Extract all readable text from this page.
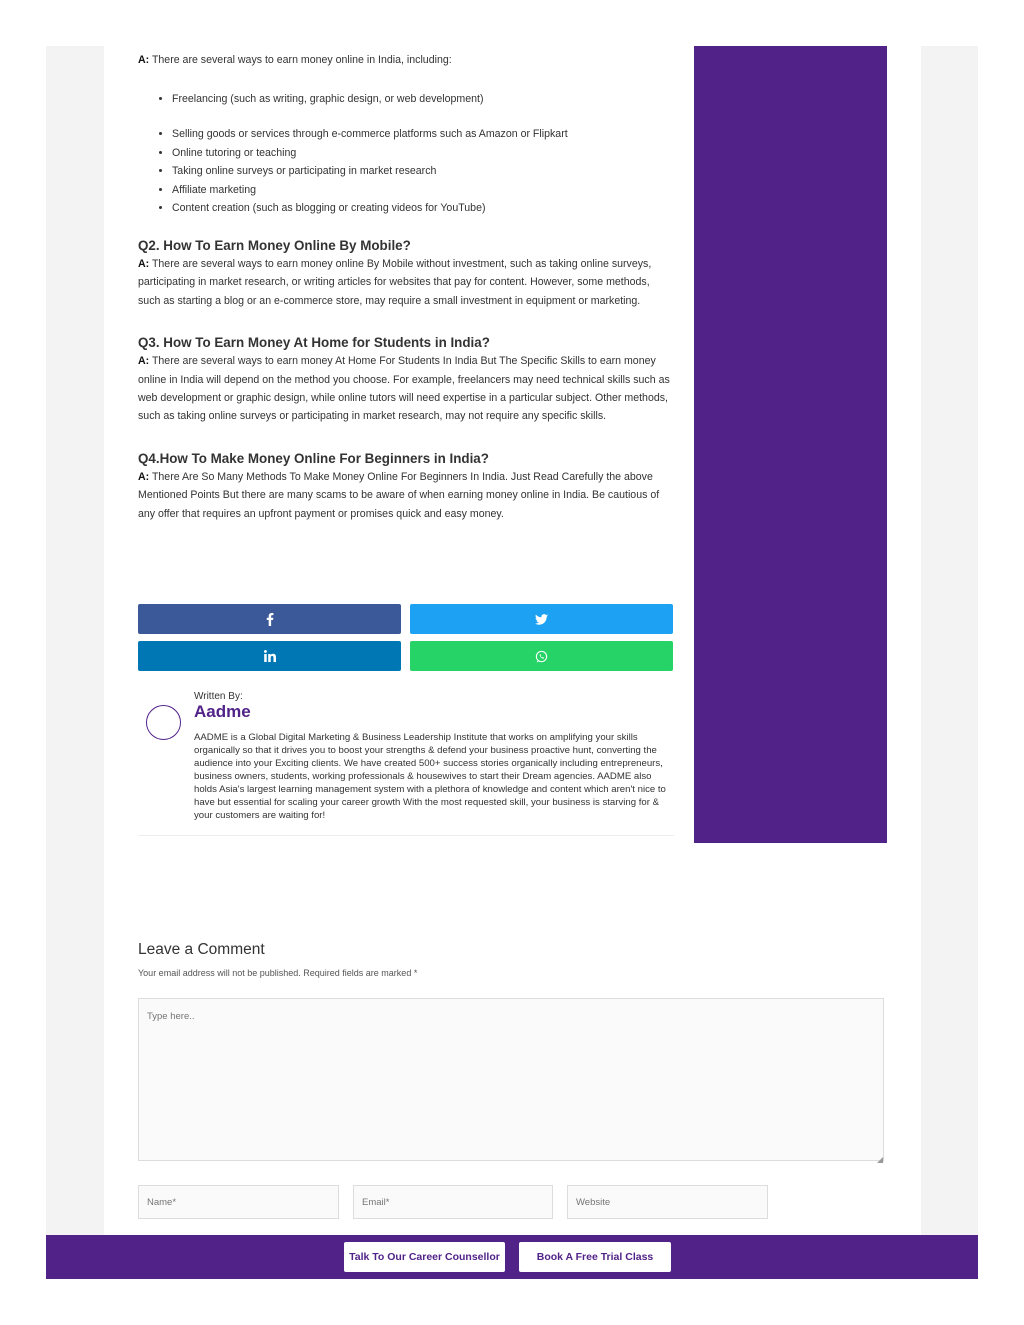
A: There are several ways to earn money online in India, including:

• Freelancing (such as writing, graphic design, or web development)
• Selling goods or services through e-commerce platforms such as Amazon or Flipkart
• Online tutoring or teaching
• Taking online surveys or participating in market research
• Affiliate marketing
• Content creation (such as blogging or creating videos for YouTube)
Q2. How To Earn Money Online By Mobile?

A: There are several ways to earn money online By Mobile without investment, such as taking online surveys, participating in market research, or writing articles for websites that pay for content. However, some methods, such as starting a blog or an e-commerce store, may require a small investment in equipment or marketing.

Q3. How To Earn Money At Home for Students in India?

A: There are several ways to earn money At Home For Students In India But The Specific Skills to earn money online in India will depend on the method you choose. For example, freelancers may need technical skills such as web development or graphic design, while online tutors will need expertise in a particular subject. Other methods, such as taking online surveys or participating in market research, may not require any specific skills.

Q4.How To Make Money Online For Beginners in India?

A: There Are So Many Methods To Make Money Online For Beginners In India. Just Read Carefully the above Mentioned Points But there are many scams to be aware of when earning money online in India. Be cautious of any offer that requires an upfront payment or promises quick and easy money.

Written By:
Aadme

AADME is a Global Digital Marketing & Business Leadership Institute that works on amplifying your skills organically so that it drives you to boost your strengths & defend your business proactive hunt, converting the audience into your Exciting clients. We have created 500+ success stories organically including entrepreneurs, business owners, students, working professionals & housewives to start their Dream agencies. AADME also holds Asia's largest learning management system with a plethora of knowledge and content which aren't nice to have but essential for scaling your career growth With the most requested skill, your business is starving for & your customers are waiting for!

Leave a Comment
Your email address will not be published. Required fields are marked *
Type here..
◢
Name*
Email*
Website
Talk To Our Career Counsellor	Book A Free Trial Class
